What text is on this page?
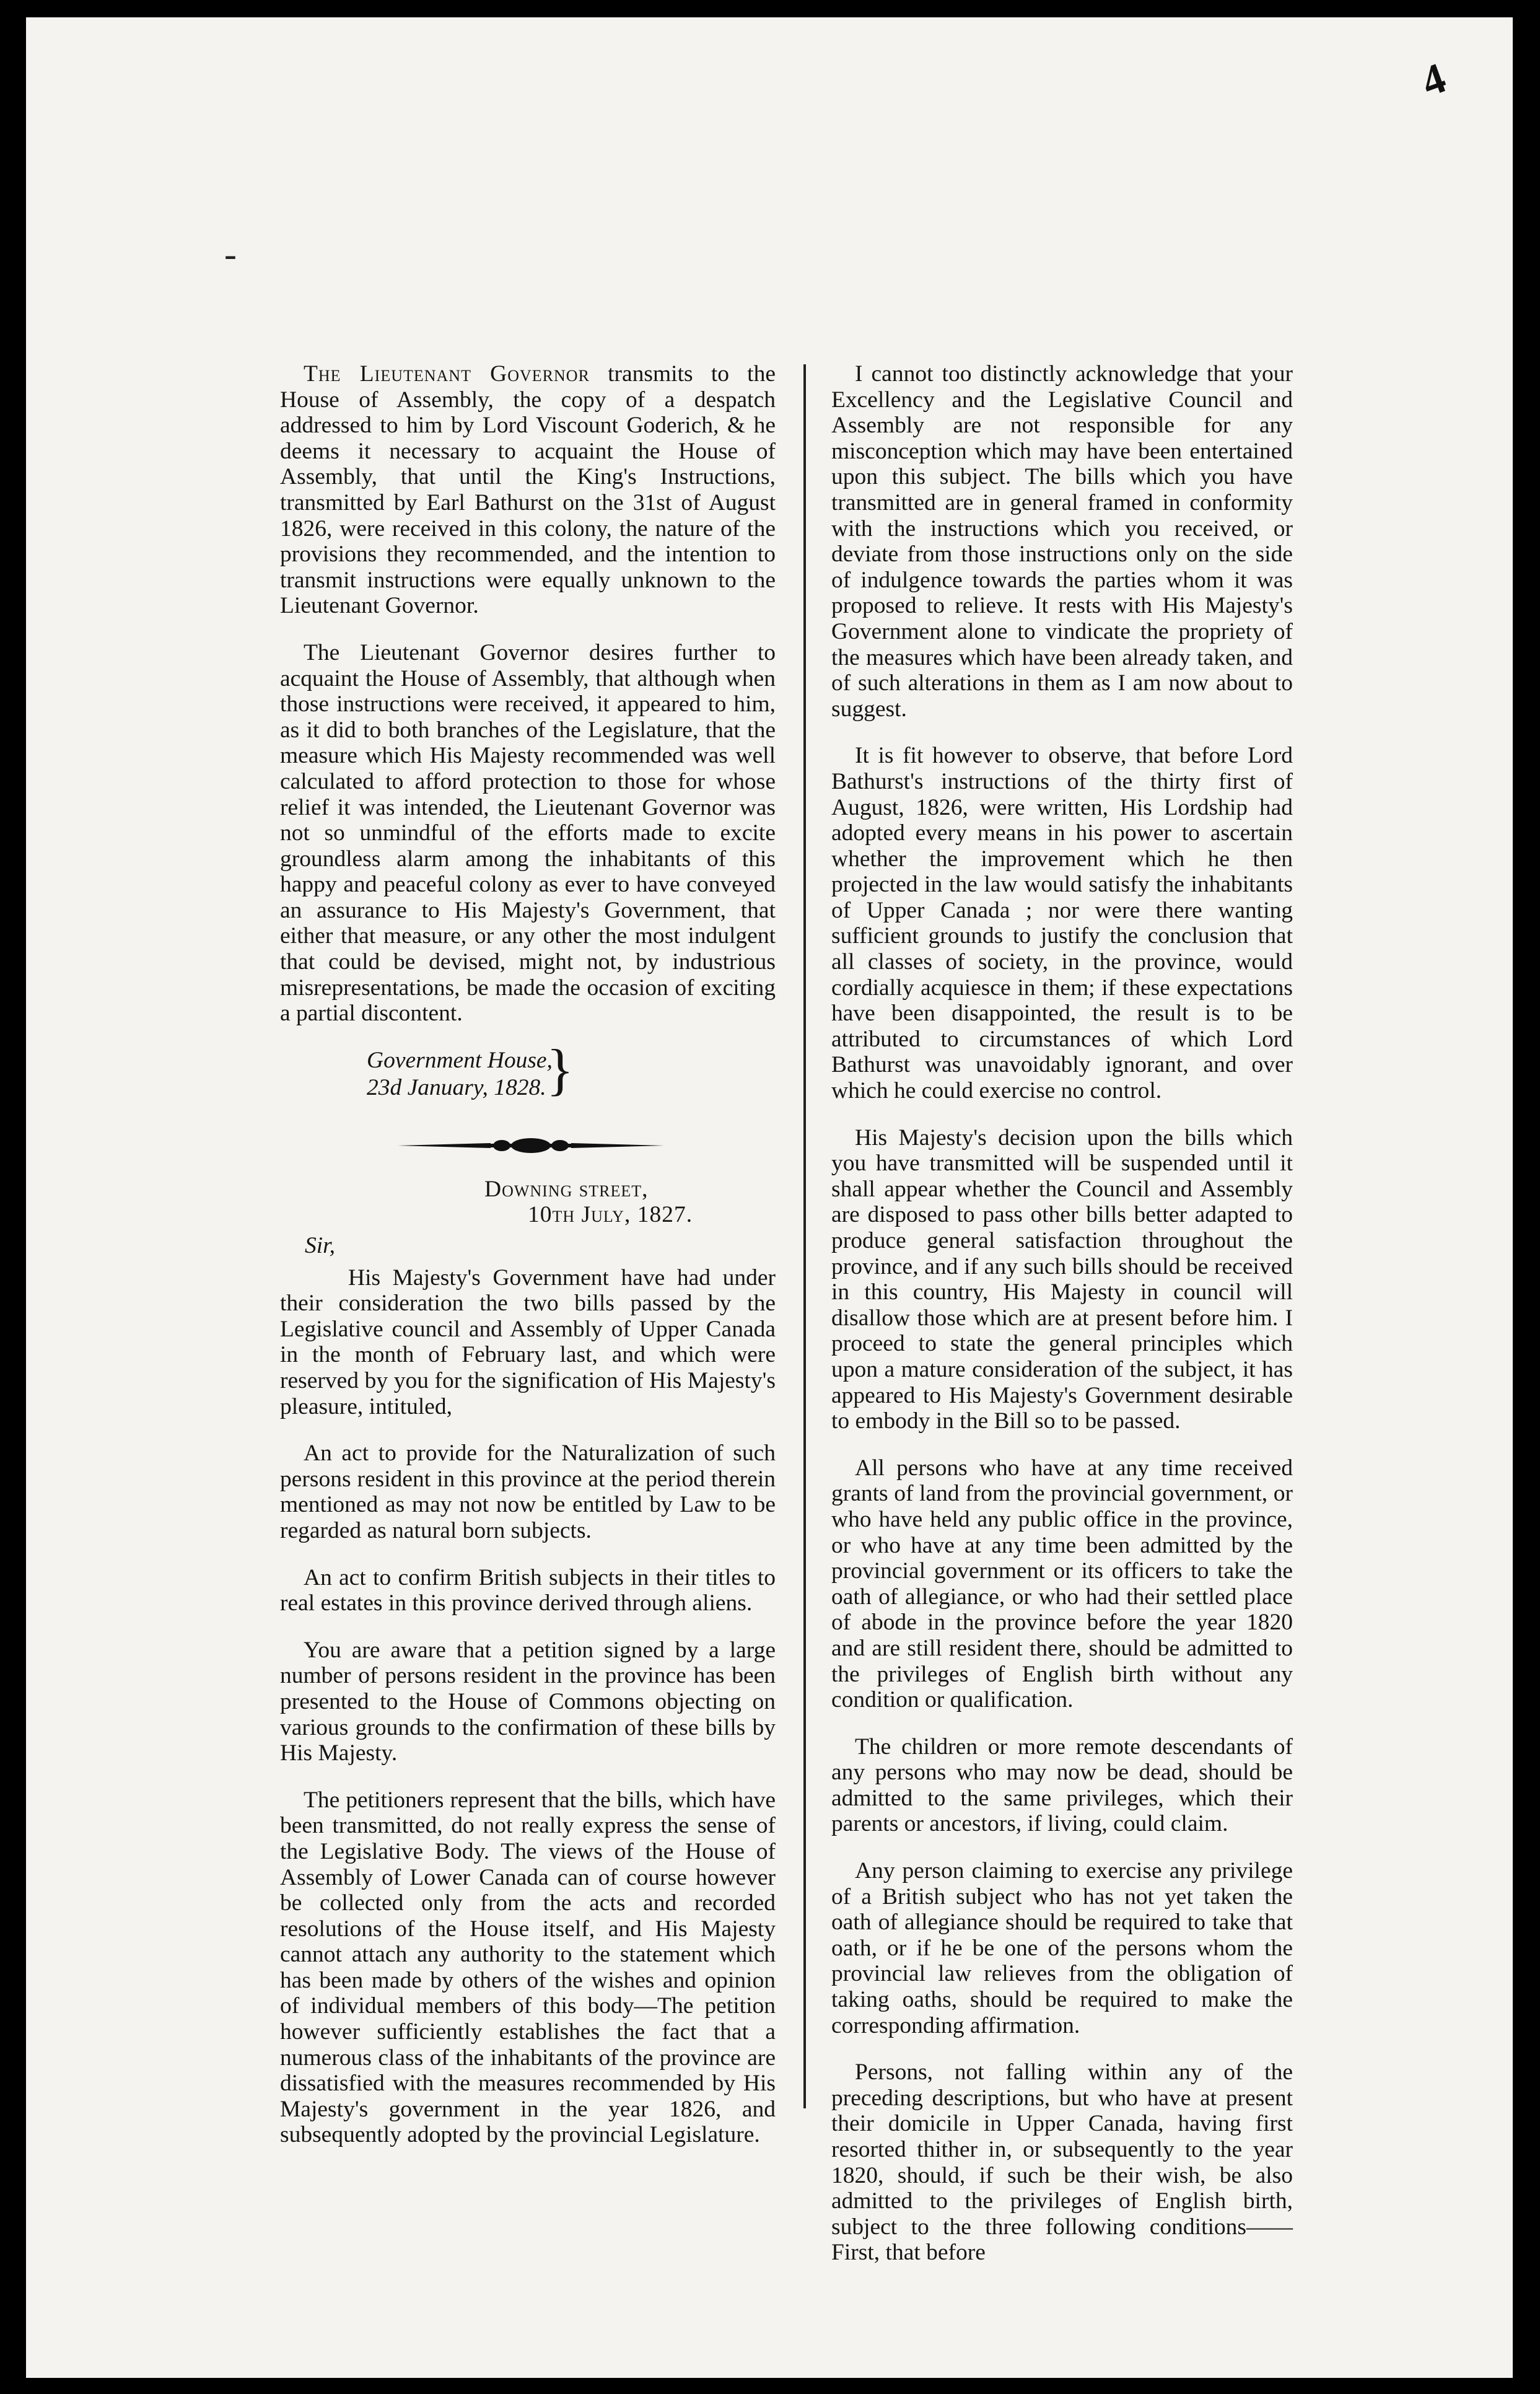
4
-

The Lieutenant Governor transmits to the House of Assembly, the copy of a despatch addressed to him by Lord Viscount Goderich, & he deems it necessary to acquaint the House of Assembly, that until the King's Instructions, transmitted by Earl Bathurst on the 31st of August 1826, were received in this colony, the nature of the provisions they recommended, and the intention to transmit instructions were equally unknown to the Lieutenant Governor.

The Lieutenant Governor desires further to acquaint the House of Assembly, that although when those instructions were received, it appeared to him, as it did to both branches of the Legislature, that the measure which His Majesty recommended was well calculated to afford protection to those for whose relief it was intended, the Lieutenant Governor was not so unmindful of the efforts made to excite groundless alarm among the inhabitants of this happy and peaceful colony as ever to have conveyed an assurance to His Majesty's Government, that either that measure, or any other the most indulgent that could be devised, might not, by industrious misrepresentations, be made the occasion of exciting a partial discontent.

Government House,
23d January, 1828. }
Downing street,
10th July, 1827.
Sir,

His Majesty's Government have had under their consideration the two bills passed by the Legislative council and Assembly of Upper Canada in the month of February last, and which were reserved by you for the signification of His Majesty's pleasure, intituled,

An act to provide for the Naturalization of such persons resident in this province at the period therein mentioned as may not now be entitled by Law to be regarded as natural born subjects.

An act to confirm British subjects in their titles to real estates in this province derived through aliens.

You are aware that a petition signed by a large number of persons resident in the province has been presented to the House of Commons objecting on various grounds to the confirmation of these bills by His Majesty.

The petitioners represent that the bills, which have been transmitted, do not really express the sense of the Legislative Body. The views of the House of Assembly of Lower Canada can of course however be collected only from the acts and recorded resolutions of the House itself, and His Majesty cannot attach any authority to the statement which has been made by others of the wishes and opinion of individual members of this body—The petition however sufficiently establishes the fact that a numerous class of the inhabitants of the province are dissatisfied with the measures recommended by His Majesty's government in the year 1826, and subsequently adopted by the provincial Legislature.

I cannot too distinctly acknowledge that your Excellency and the Legislative Council and Assembly are not responsible for any misconception which may have been entertained upon this subject. The bills which you have transmitted are in general framed in conformity with the instructions which you received, or deviate from those instructions only on the side of indulgence towards the parties whom it was proposed to relieve. It rests with His Majesty's Government alone to vindicate the propriety of the measures which have been already taken, and of such alterations in them as I am now about to suggest.

It is fit however to observe, that before Lord Bathurst's instructions of the thirty first of August, 1826, were written, His Lordship had adopted every means in his power to ascertain whether the improvement which he then projected in the law would satisfy the inhabitants of Upper Canada ; nor were there wanting sufficient grounds to justify the conclusion that all classes of society, in the province, would cordially acquiesce in them; if these expectations have been disappointed, the result is to be attributed to circumstances of which Lord Bathurst was unavoidably ignorant, and over which he could exercise no control.

His Majesty's decision upon the bills which you have transmitted will be suspended until it shall appear whether the Council and Assembly are disposed to pass other bills better adapted to produce general satisfaction throughout the province, and if any such bills should be received in this country, His Majesty in council will disallow those which are at present before him. I proceed to state the general principles which upon a mature consideration of the subject, it has appeared to His Majesty's Government desirable to embody in the Bill so to be passed.

All persons who have at any time received grants of land from the provincial government, or who have held any public office in the province, or who have at any time been admitted by the provincial government or its officers to take the oath of allegiance, or who had their settled place of abode in the province before the year 1820 and are still resident there, should be admitted to the privileges of English birth without any condition or qualification.

The children or more remote descendants of any persons who may now be dead, should be admitted to the same privileges, which their parents or ancestors, if living, could claim.

Any person claiming to exercise any privilege of a British subject who has not yet taken the oath of allegiance should be required to take that oath, or if he be one of the persons whom the provincial law relieves from the obligation of taking oaths, should be required to make the corresponding affirmation.

Persons, not falling within any of the preceding descriptions, but who have at present their domicile in Upper Canada, having first resorted thither in, or subsequently to the year 1820, should, if such be their wish, be also admitted to the privileges of English birth, subject to the three following conditions——First, that before
